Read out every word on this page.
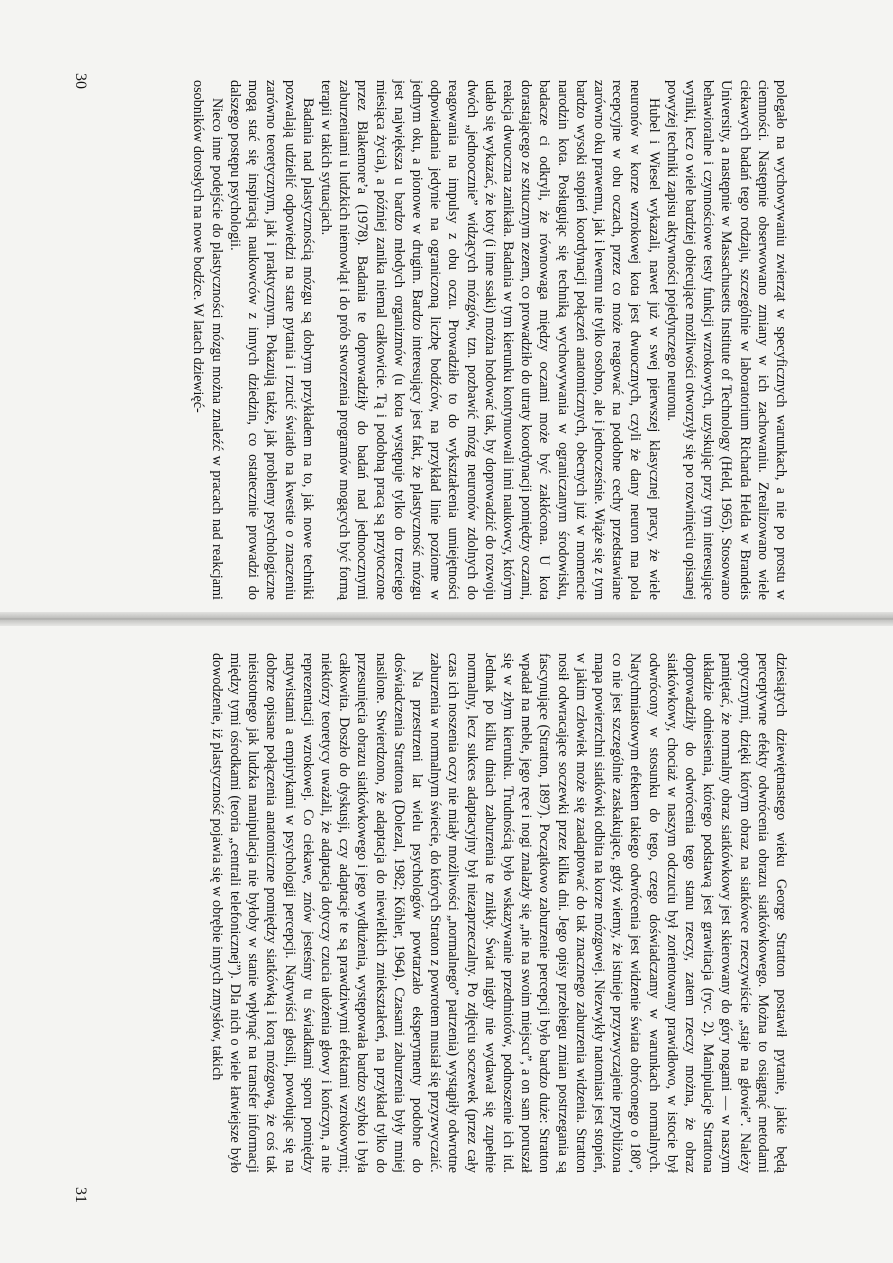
polegało na wychowywaniu zwierząt w specyficznych warunkach, a nie po prostu w ciemności. Następnie obserwowano zmiany w ich zachowaniu. Zrealizowano wiele ciekawych badań tego rodzaju, szczególnie w laboratorium Richarda Helda w Brandeis University, a następnie w Massachusetts Institute of Technology (Held, 1965). Stosowano behawioralne i czynnościowe testy funkcji wzrokowych, uzyskując przy tym interesujące wyniki, lecz o wiele bardziej obiecujące możliwości otworzyły się po rozwinięciu opisanej powyżej techniki zapisu aktywności pojedynczego neuronu.

Hubel i Wiesel wykazali, nawet już w swej pierwszej klasycznej pracy, że wiele neuronów w korze wzrokowej kota jest dwuocznych, czyli że dany neuron ma pola recepcyjne w obu oczach, przez co może reagować na podobne cechy przedstawiane zarówno oku prawemu, jak i lewemu nie tylko osobno, ale i jednocześnie. Wiąże się z tym bardzo wysoki stopień koordynacji połączeń anatomicznych, obecnych już w momencie narodzin kota. Posługując się techniką wychowywania w ograniczanym środowisku, badacze ci odkryli, że równowaga między oczami może być zakłócona. U kota dorastającego ze sztucznym zezem, co prowadziło do utraty koordynacji pomiędzy oczami, reakcja dwuoczna zanikała. Badania w tym kierunku kontynuowali inni naukowcy, którym udało się wykazać, że koty (i inne ssaki) można hodować tak, by doprowadzić do rozwoju dwóch „jednoocznie” widzących mózgów, tzn. pozbawić mózg neuronów zdolnych do reagowania na impulsy z obu oczu. Prowadziło to do wykształcenia umiejętności odpowiadania jedynie na ograniczoną liczbę bodźców, na przykład linie poziome w jednym oku, a pionowe w drugim. Bardzo interesujący jest fakt, że plastyczność mózgu jest największa u bardzo młodych organizmów (u kota występuje tylko do trzeciego miesiąca życia), a później zanika niemal całkowicie. Tą i podobną pracą są przytoczone przez Blakemore’a (1978). Badania te doprowadziły do badań nad jednoocznymi zaburzeniami u ludzkich niemowląt i do prób stworzenia programów mogących być formą terapii w takich sytuacjach.

Badania nad plastycznością mózgu są dobrym przykładem na to, jak nowe techniki pozwalają udzielić odpowiedzi na stare pytania i rzucić światło na kwestie o znaczeniu zarówno teoretycznym, jak i praktycznym. Pokazują także, jak problemy psychologiczne mogą stać się inspiracją naukowców z innych dziedzin, co ostatecznie prowadzi do dalszego postępu psychologii.

Nieco inne podejście do plastyczności mózgu można znaleźć w pracach nad reakcjami osobników dorosłych na nowe bodźce. W latach dziewięć-

dziesiątych dziewiętnastego wieku George Stratton postawił pytanie, jakie będą perceptywne efekty odwrócenia obrazu siatkówkowego. Można to osiągnąć metodami optycznymi, dzięki którym obraz na siatkówce rzeczywiście „staje na głowie”. Należy pamiętać, że normalny obraz siatkówkowy jest skierowany do góry nogami — w naszym układzie odniesienia, którego podstawą jest grawitacja (ryc. 2). Manipulacje Strattona doprowadziły do odwrócenia tego stanu rzeczy, zatem rzeczy można, że obraz siatkówkowy, chociaż w naszym odczuciu był zorientowany prawidłowo, w istocie był odwrócony w stosunku do tego, czego doświadczamy w warunkach normalnych. Natychmiastowym efektem takiego odwrócenia jest widzenie świata obróconego o 180°, co nie jest szczególnie zaskakujące, gdyż wiemy, że istnieje przyzwyczajenie przybliżona mapa powierzchni siatkówki odbita na korze mózgowej. Niezwykły natomiast jest stopień, w jakim człowiek może się zaadaptować do tak znacznego zaburzenia widzenia. Stratton nosił odwracające soczewki przez kilka dni. Jego opisy przebiegu zmian postrzegania są fascynujące (Stratton, 1897). Początkowo zaburzenie percepcji było bardzo duże: Stratton wpadał na meble, jego ręce i nogi znalazły się „nie na swoim miejscu”, a on sam poruszał się w złym kierunku. Trudnością było wskazywanie przedmiotów, podnoszenie ich itd. Jednak po kilku dniach zaburzenia te znikły. Świat nigdy nie wydawał się zupełnie normalny, lecz sukces adaptacyjny był niezaprzeczalny. Po zdjęciu soczewek (przez cały czas ich noszenia oczy nie miały możliwości „normalnego” patrzenia) wystąpiły odwrotne zaburzenia w normalnym świecie, do których Straton z powrotem musiał się przyzwyczaić.

Na przestrzeni lat wielu psychologów powtarzało eksperymenty podobne do doświadczenia Strattona (Dolezal, 1982; Köhler, 1964). Czasami zaburzenia były mniej nasilone. Stwierdzono, że adaptacja do niewielkich zniekształceń, na przykład tylko do przesunięcia obrazu siatkówkowego i jego wydłużenia, występowała bardzo szybko i była całkowita. Doszło do dyskusji, czy adaptacje te są prawdziwymi efektami wzrokowymi; niektórzy teoretycy uważali, że adaptacja dotyczy czucia ułożenia głowy i kończyn, a nie reprezentacji wzrokowej. Co ciekawe, znów jesteśmy tu świadkami sporu pomiędzy natywistami a empirykami w psychologii percepcji. Natywiści głosili, powołując się na dobrze opisane połączenia anatomiczne pomiędzy siatkówką i korą mózgową, że coś tak nieistotnego jak ludzka manipulacja nie byłoby w stanie wpłynąć na transfer informacji między tymi ośrodkami (teoria „centrali telefonicznej”). Dla nich o wiele łatwiejsze było dowodzenie, iż plastyczność pojawia się w obrębie innych zmysłów, takich

30
31
